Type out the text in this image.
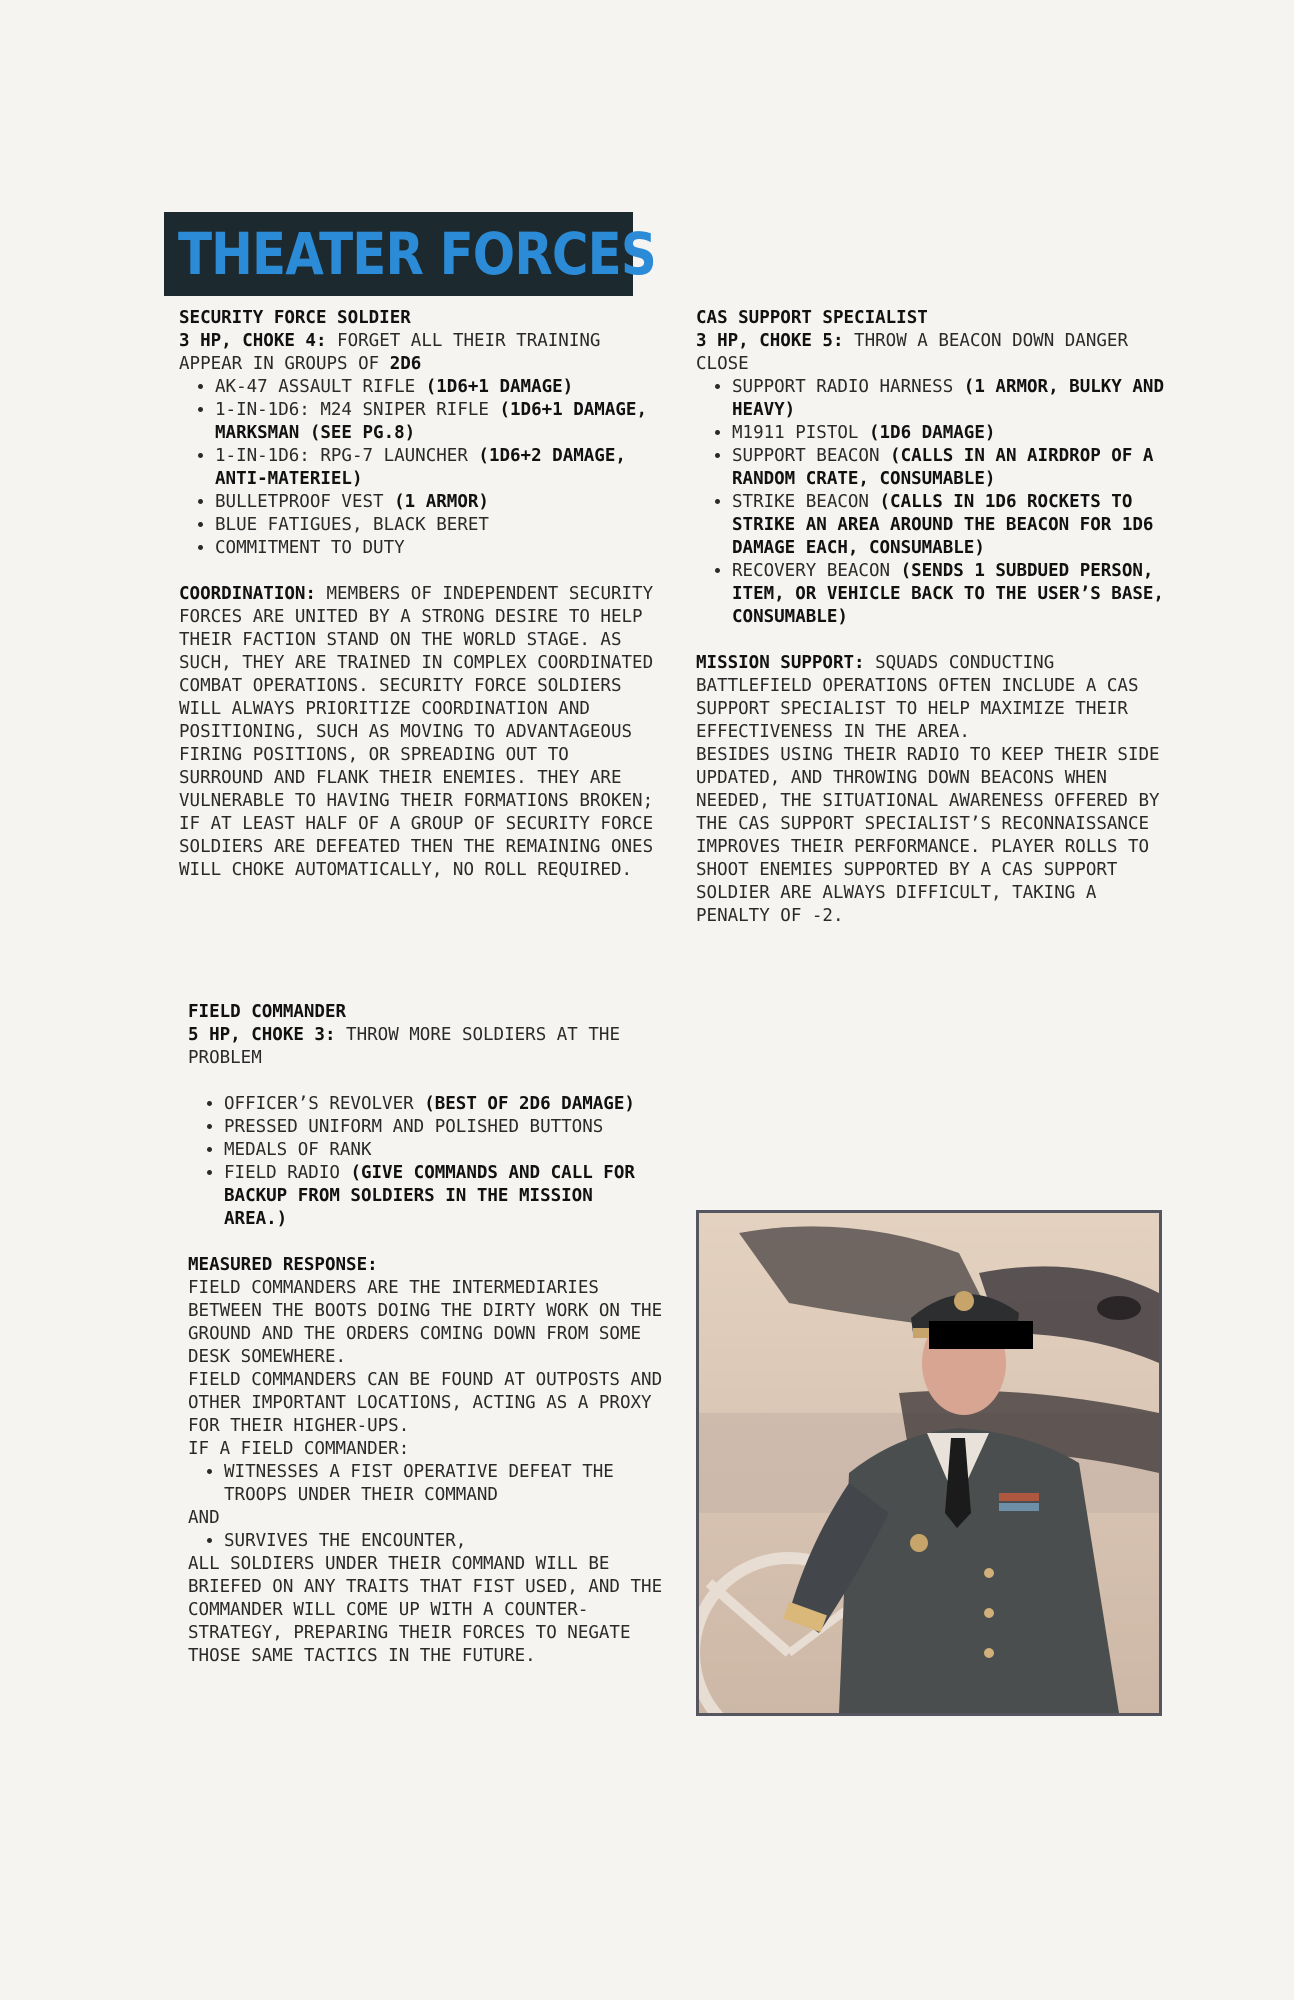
THEATER FORCES

SECURITY FORCE SOLDIER

3 HP, CHOKE 4: FORGET ALL THEIR TRAINING

APPEAR IN GROUPS OF 2D6

• AK-47 ASSAULT RIFLE (1D6+1 DAMAGE)
• 1-IN-1D6: M24 SNIPER RIFLE (1D6+1 DAMAGE, MARKSMAN (SEE PG.8)
• 1-IN-1D6: RPG-7 LAUNCHER (1D6+2 DAMAGE, ANTI-MATERIEL)
• BULLETPROOF VEST (1 ARMOR)
• BLUE FATIGUES, BLACK BERET
• COMMITMENT TO DUTY

COORDINATION: MEMBERS OF INDEPENDENT SECURITY FORCES ARE UNITED BY A STRONG DESIRE TO HELP THEIR FACTION STAND ON THE WORLD STAGE. AS SUCH, THEY ARE TRAINED IN COMPLEX COORDINATED COMBAT OPERATIONS. SECURITY FORCE SOLDIERS WILL ALWAYS PRIORITIZE COORDINATION AND POSITIONING, SUCH AS MOVING TO ADVANTAGEOUS FIRING POSITIONS, OR SPREADING OUT TO SURROUND AND FLANK THEIR ENEMIES. THEY ARE VULNERABLE TO HAVING THEIR FORMATIONS BROKEN; IF AT LEAST HALF OF A GROUP OF SECURITY FORCE SOLDIERS ARE DEFEATED THEN THE REMAINING ONES WILL CHOKE AUTOMATICALLY, NO ROLL REQUIRED.

CAS SUPPORT SPECIALIST

3 HP, CHOKE 5: THROW A BEACON DOWN DANGER CLOSE

• SUPPORT RADIO HARNESS (1 ARMOR, BULKY AND HEAVY)
• M1911 PISTOL (1D6 DAMAGE)
• SUPPORT BEACON (CALLS IN AN AIRDROP OF A RANDOM CRATE, CONSUMABLE)
• STRIKE BEACON (CALLS IN 1D6 ROCKETS TO STRIKE AN AREA AROUND THE BEACON FOR 1D6 DAMAGE EACH, CONSUMABLE)
• RECOVERY BEACON (SENDS 1 SUBDUED PERSON, ITEM, OR VEHICLE BACK TO THE USER’S BASE, CONSUMABLE)

MISSION SUPPORT: SQUADS CONDUCTING BATTLEFIELD OPERATIONS OFTEN INCLUDE A CAS SUPPORT SPECIALIST TO HELP MAXIMIZE THEIR EFFECTIVENESS IN THE AREA.

BESIDES USING THEIR RADIO TO KEEP THEIR SIDE UPDATED, AND THROWING DOWN BEACONS WHEN NEEDED, THE SITUATIONAL AWARENESS OFFERED BY THE CAS SUPPORT SPECIALIST’S RECONNAISSANCE IMPROVES THEIR PERFORMANCE. PLAYER ROLLS TO SHOOT ENEMIES SUPPORTED BY A CAS SUPPORT SOLDIER ARE ALWAYS DIFFICULT, TAKING A PENALTY OF -2.

FIELD COMMANDER

5 HP, CHOKE 3: THROW MORE SOLDIERS AT THE PROBLEM

• OFFICER’S REVOLVER (BEST OF 2D6 DAMAGE)
• PRESSED UNIFORM AND POLISHED BUTTONS
• MEDALS OF RANK
• FIELD RADIO (GIVE COMMANDS AND CALL FOR BACKUP FROM SOLDIERS IN THE MISSION AREA.)

MEASURED RESPONSE:

FIELD COMMANDERS ARE THE INTERMEDIARIES BETWEEN THE BOOTS DOING THE DIRTY WORK ON THE GROUND AND THE ORDERS COMING DOWN FROM SOME DESK SOMEWHERE.

FIELD COMMANDERS CAN BE FOUND AT OUTPOSTS AND OTHER IMPORTANT LOCATIONS, ACTING AS A PROXY FOR THEIR HIGHER-UPS.

IF A FIELD COMMANDER:

• WITNESSES A FIST OPERATIVE DEFEAT THE TROOPS UNDER THEIR COMMAND

AND

• SURVIVES THE ENCOUNTER,

ALL SOLDIERS UNDER THEIR COMMAND WILL BE BRIEFED ON ANY TRAITS THAT FIST USED, AND THE COMMANDER WILL COME UP WITH A COUNTER-STRATEGY, PREPARING THEIR FORCES TO NEGATE THOSE SAME TACTICS IN THE FUTURE.
